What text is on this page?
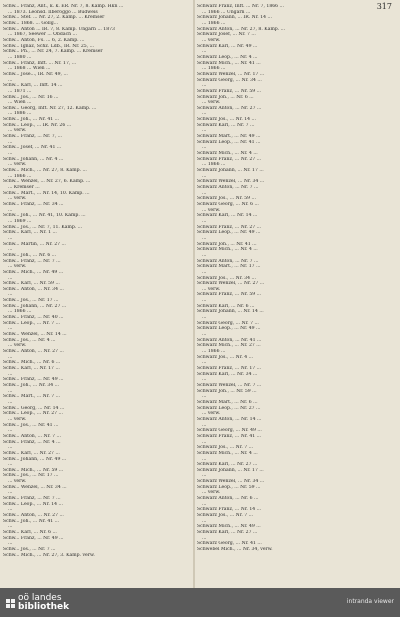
317
Schw... Franz, Ant., k. k. ER. Nr. 7, 8. Kamp. Hkn ...
... 1873. Leonsd. Ilberoggo ... Budweis
Schw... Stef. ... Nr. 27, 2. Kamp. ... Kremser
Schw... 1868. ... Gollg...
Schw... Anton ... IR. 7, 8. Kamp. Ungarn ... 1873
... 1867, Seewer ... Obdach ...
Schw... Anton, Fs. ... 6, 2. Kamp. ...
Schw... Ignaz, Schz. Ldb., IR. Nr. 25, ...
Schw... Ph., ... Nr. 24, 7. Kamp. ... Kremser
... 1880 ...
Schw... Franz, Inft. ... Nr. 17, ...
... 1868 ... Wien ...
Schw... Jose..., IR. Nr. 49, ...
...
Schw... Karl, ... Inft. 14 ...
... 1871 ...
Schw... Jos., ... Nr. 16 ...
... Wien ...
Schw... Georg, Inft. Nr. 27, 12. Kamp. ...
... 1886 ...
Schw... Joh., ... Nr. 41 ...
Schw... Leop., ... IR. Nr. 26 ...
... verw.
Schw... Franz, ... Nr. 7, ...
...
Schw... Josef, ... Nr. 41 ...
...
Schw... Johann, ... Nr. 4 ...
... verw.
Schw... Mich., ... Nr. 27, 8. Kamp. ...
... 1866 ...
Schw... Wenzel, ... Nr. 27, 6. Kamp. ...
... Kremser ...
Schw... Mart., ... Nr. 14, 10. Kamp. ...
... verw.
Schw... Franz, ... Nr. 34 ...
...
Schw... Joh., ... Nr. 41, 10. Kamp. ...
... 1869 ...
Schw... Jos., ... Nr. 7, 11. Kamp. ...
Schw... Karl, ... Nr. 1 ...
...
Schw... Martin, ... Nr. 27 ...
...
Schw... Joh., ... Nr. 6 ...
Schw... Franz, ... Nr. 7 ...
... verw.
Schw... Mich., ... Nr. 49 ...
...
Schw... Karl, ... Nr. 59 ...
Schw... Anton, ... Nr. 34 ...
...
Schw... Jos., ... Nr. 17 ...
Schw... Johann, ... Nr. 27 ...
... 1866 ...
Schw... Franz, ... Nr. 40 ...
Schw... Leop., ... Nr. 7 ...
...
Schw... Wenzel, ... Nr. 14 ...
Schw... Jos., ... Nr. 4 ...
... verw.
Schw... Anton, ... Nr. 27 ...
...
Schw... Mich., ... Nr. 6 ...
Schw... Karl, ... Nr. 17 ...
...
Schw... Franz, ... Nr. 49 ...
Schw... Joh., ... Nr. 34 ...
...
Schw... Mart., ... Nr. 7 ...
...
Schw... Georg, ... Nr. 14 ...
Schw... Leop., ... Nr. 27 ...
... verw.
Schw... Jos., ... Nr. 41 ...
...
Schw... Anton, ... Nr. 7 ...
Schw... Franz, ... Nr. 4 ...
...
Schw... Karl, ... Nr. 27 ...
Schw... Johann, ... Nr. 49 ...
...
Schw... Mich., ... Nr. 59 ...
Schw... Jos., ... Nr. 17 ...
... verw.
Schw... Wenzel, ... Nr. 34 ...
...
Schw... Franz, ... Nr. 7 ...
Schw... Leop., ... Nr. 14 ...
...
Schw... Anton, ... Nr. 27 ...
Schw... Joh., ... Nr. 41 ...
...
Schw... Karl, ... Nr. 6 ...
Schw... Franz, ... Nr. 49 ...
...
Schw... Jos., ... Nr. 7 ...
Schw... Mich., ... Nr. 27, 3. Kamp. verw.
Schwarz Franz, Inft. ... Nr. 7, 1866 ...
... 1866 ... Ungarn ...
Schwarz Johann, ... IR. Nr. 14 ...
... 1866 ...
Schwarz Anton, ... Nr. 27, 8. Kamp. ...
Schwarz Josef, ... Nr. 7 ...
... verw.
Schwarz Karl, ... Nr. 49 ...
...
Schwarz Leop., ... Nr. 4 ...
Schwarz Mich., ... Nr. 41 ...
... 1866 ...
Schwarz Wenzel, ... Nr. 17 ...
Schwarz Georg, ... Nr. 34 ...
...
Schwarz Franz, ... Nr. 59 ...
Schwarz Joh., ... Nr. 6 ...
... verw.
Schwarz Anton, ... Nr. 27 ...
...
Schwarz Jos., ... Nr. 14 ...
Schwarz Karl, ... Nr. 7 ...
...
Schwarz Mart., ... Nr. 49 ...
Schwarz Leop., ... Nr. 41 ...
...
Schwarz Mich., ... Nr. 4 ...
Schwarz Franz, ... Nr. 27 ...
... 1866 ...
Schwarz Johann, ... Nr. 17 ...
...
Schwarz Wenzel, ... Nr. 34 ...
Schwarz Anton, ... Nr. 7 ...
...
Schwarz Jos., ... Nr. 59 ...
Schwarz Georg, ... Nr. 6 ...
... verw.
Schwarz Karl, ... Nr. 14 ...
...
Schwarz Franz, ... Nr. 27 ...
Schwarz Leop., ... Nr. 49 ...
...
Schwarz Joh., ... Nr. 41 ...
Schwarz Mich., ... Nr. 4 ...
...
Schwarz Anton, ... Nr. 7 ...
Schwarz Mart., ... Nr. 17 ...
...
Schwarz Jos., ... Nr. 34 ...
Schwarz Wenzel, ... Nr. 27 ...
... verw.
Schwarz Franz, ... Nr. 59 ...
...
Schwarz Karl, ... Nr. 6 ...
Schwarz Johann, ... Nr. 14 ...
...
Schwarz Georg, ... Nr. 7 ...
Schwarz Leop., ... Nr. 49 ...
...
Schwarz Anton, ... Nr. 41 ...
Schwarz Mich., ... Nr. 27 ...
... 1866 ...
Schwarz Jos., ... Nr. 4 ...
...
Schwarz Franz, ... Nr. 17 ...
Schwarz Karl, ... Nr. 34 ...
...
Schwarz Wenzel, ... Nr. 7 ...
Schwarz Joh., ... Nr. 59 ...
...
Schwarz Mart., ... Nr. 6 ...
Schwarz Leop., ... Nr. 27 ...
... verw.
Schwarz Anton, ... Nr. 14 ...
...
Schwarz Georg, ... Nr. 49 ...
Schwarz Franz, ... Nr. 41 ...
...
Schwarz Jos., ... Nr. 7 ...
Schwarz Mich., ... Nr. 4 ...
...
Schwarz Karl, ... Nr. 27 ...
Schwarz Johann, ... Nr. 17 ...
...
Schwarz Wenzel, ... Nr. 34 ...
Schwarz Leop., ... Nr. 59 ...
... verw.
Schwarz Anton, ... Nr. 6 ...
...
Schwarz Franz, ... Nr. 14 ...
Schwarz Jos., ... Nr. 7 ...
...
Schwarz Mich., ... Nr. 49 ...
Schwarz Karl, ... Nr. 27 ...
...
Schwarz Georg, ... Nr. 41 ...
Schwebel Mich., ... Nr. 34, verw.
oö landes
bibliothek
intranda viewer
